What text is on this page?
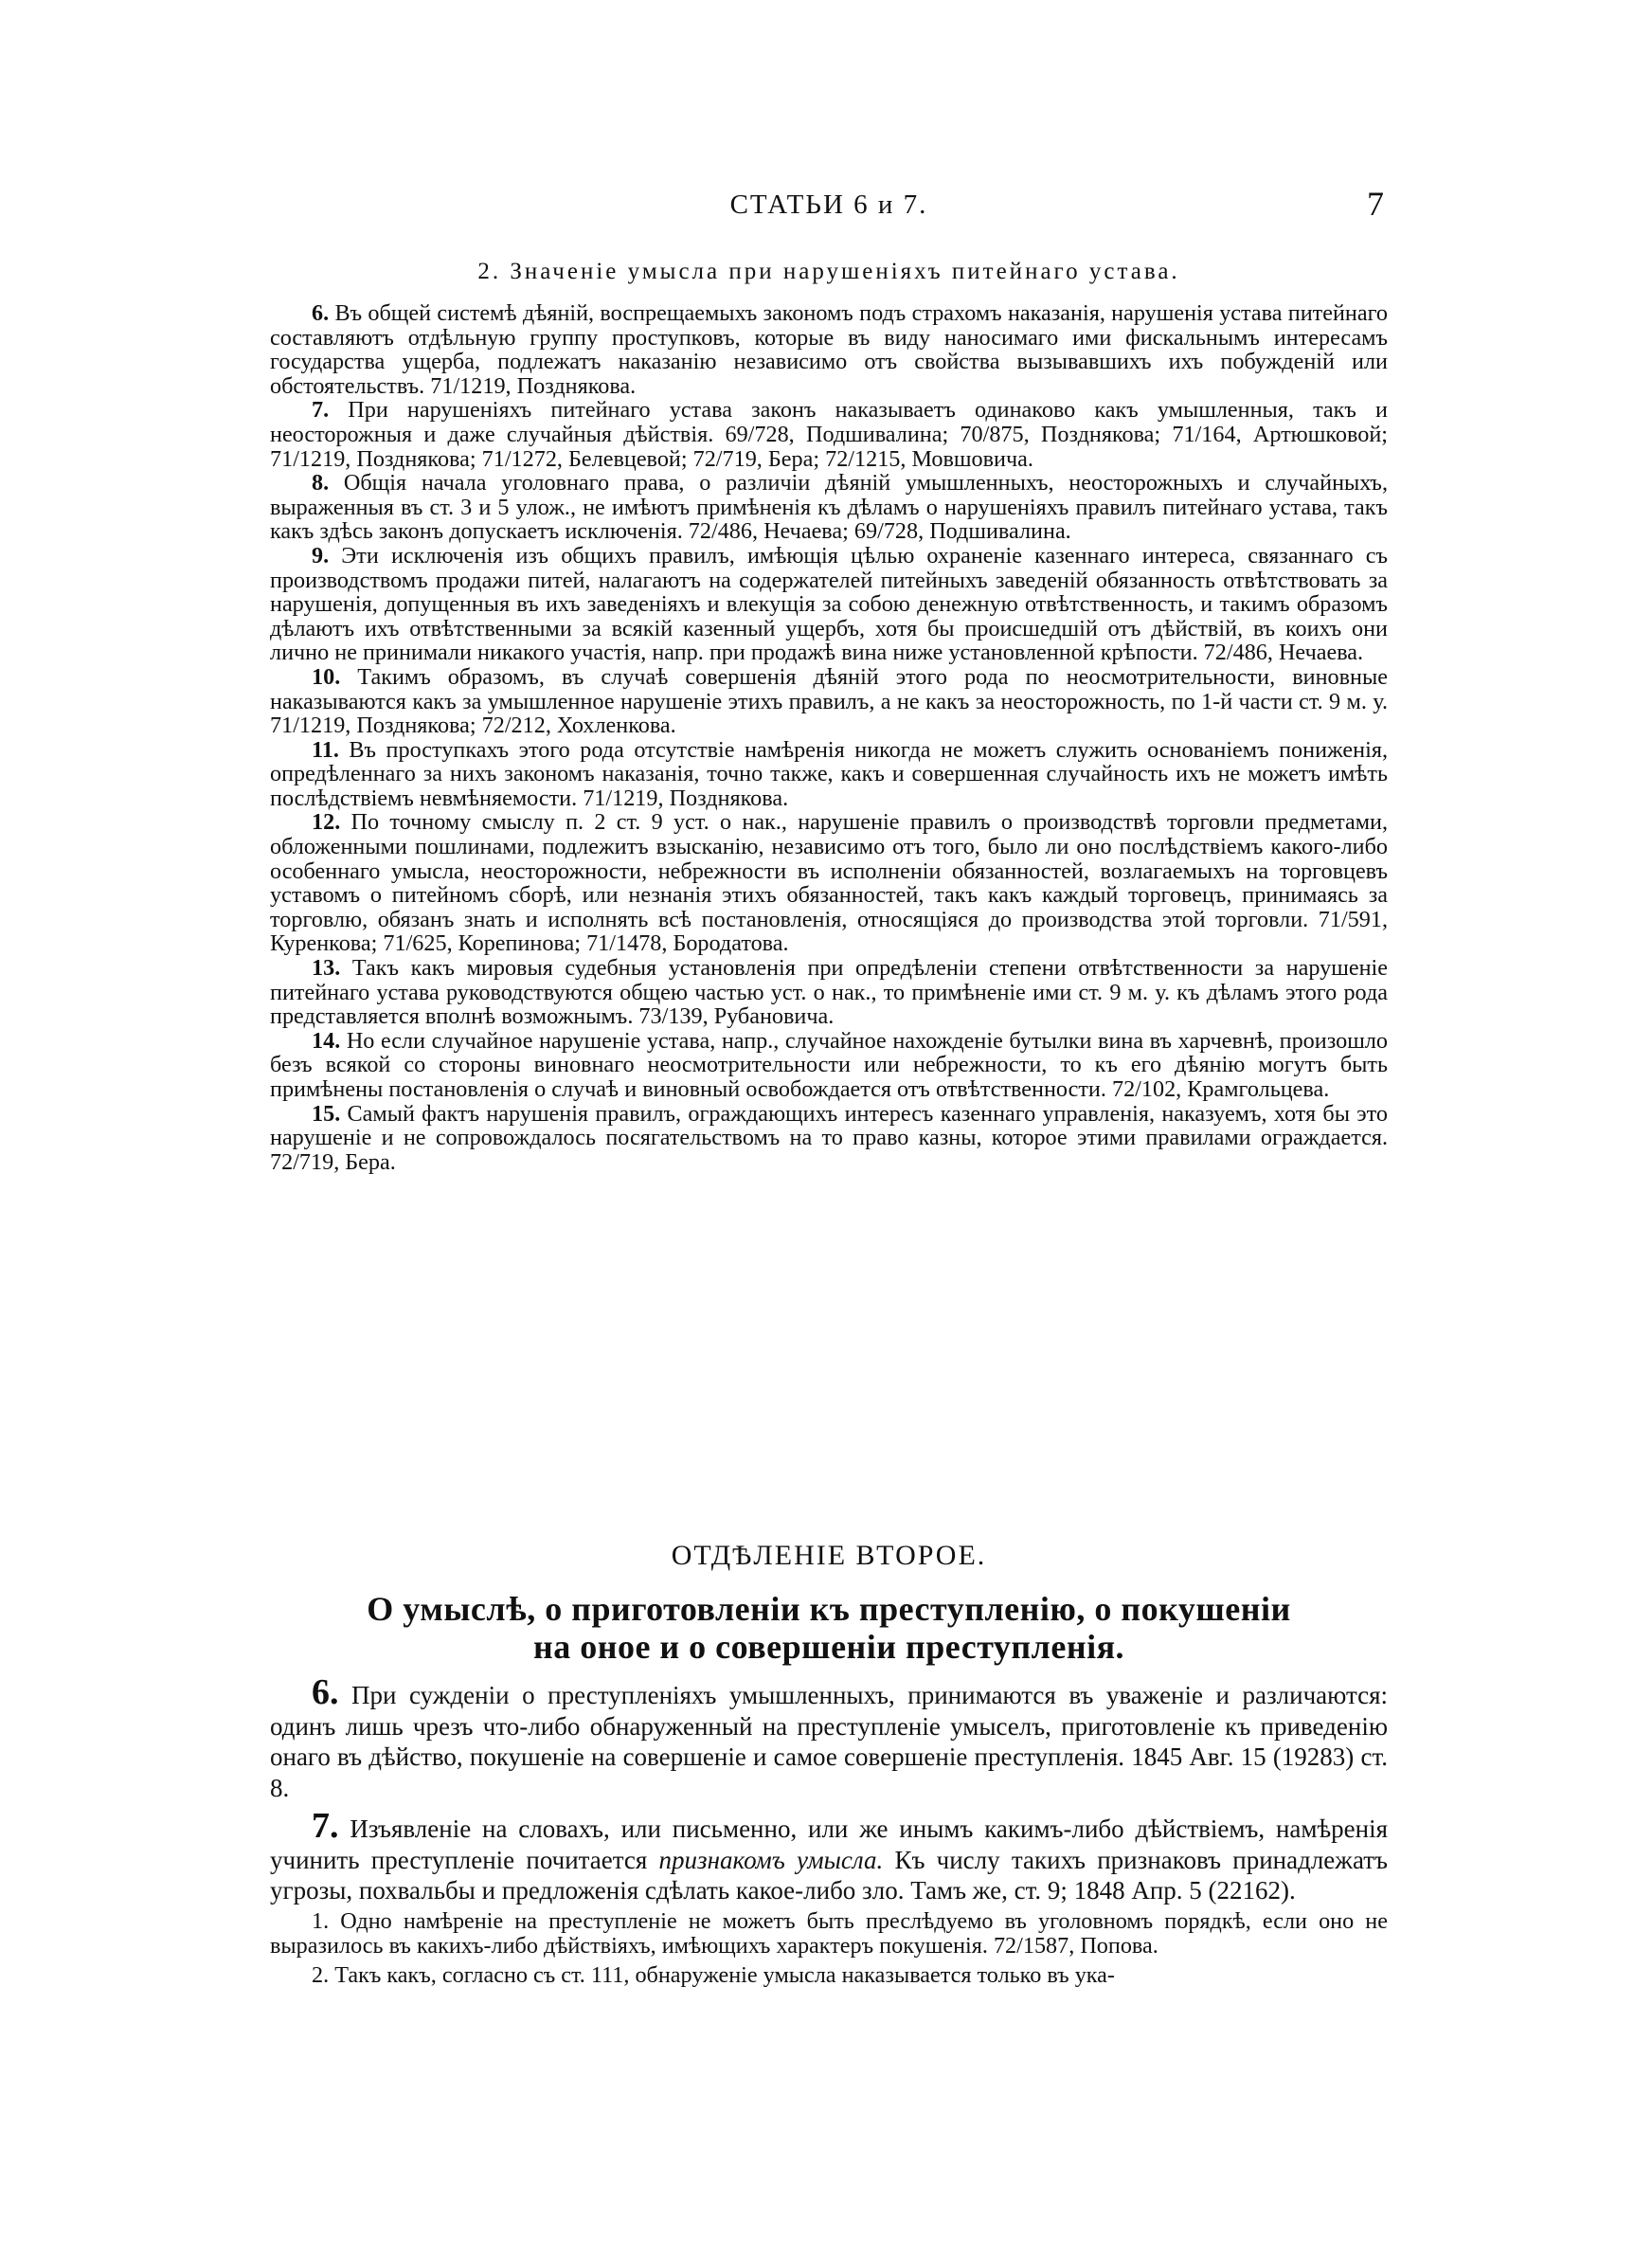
СТАТЬИ 6 и 7.	7
2. Значеніе умысла при нарушеніяхъ питейнаго устава.

6. Въ общей системѣ дѣяній, воспрещаемыхъ закономъ подъ страхомъ наказанія, нарушенія устава питейнаго составляютъ отдѣльную группу проступковъ, которые въ виду наносимаго ими фискальнымъ интересамъ государства ущерба, подлежатъ наказанію независимо отъ свойства вызывавшихъ ихъ побужденій или обстоятельствъ. 71/1219, Позднякова.

7. При нарушеніяхъ питейнаго устава законъ наказываетъ одинаково какъ умышленныя, такъ и неосторожныя и даже случайныя дѣйствія. 69/728, Подшивалина; 70/875, Позднякова; 71/164, Артюшковой; 71/1219, Позднякова; 71/1272, Белевцевой; 72/719, Бера; 72/1215, Мовшовича.

8. Общія начала уголовнаго права, о различіи дѣяній умышленныхъ, неосторожныхъ и случайныхъ, выраженныя въ ст. 3 и 5 улож., не имѣютъ примѣненія къ дѣламъ о нарушеніяхъ правилъ питейнаго устава, такъ какъ здѣсь законъ допускаетъ исключенія. 72/486, Нечаева; 69/728, Подшивалина.

9. Эти исключенія изъ общихъ правилъ, имѣющія цѣлью охраненіе казеннаго интереса, связаннаго съ производствомъ продажи питей, налагаютъ на содержателей питейныхъ заведеній обязанность отвѣтствовать за нарушенія, допущенныя въ ихъ заведеніяхъ и влекущія за собою денежную отвѣтственность, и такимъ образомъ дѣлаютъ ихъ отвѣтственными за всякій казенный ущербъ, хотя бы происшедшій отъ дѣйствій, въ коихъ они лично не принимали никакого участія, напр. при продажѣ вина ниже установленной крѣпости. 72/486, Нечаева.

10. Такимъ образомъ, въ случаѣ совершенія дѣяній этого рода по неосмотрительности, виновные наказываются какъ за умышленное нарушеніе этихъ правилъ, а не какъ за неосторожность, по 1-й части ст. 9 м. у. 71/1219, Позднякова; 72/212, Хохленкова.

11. Въ проступкахъ этого рода отсутствіе намѣренія никогда не можетъ служить основаніемъ пониженія, опредѣленнаго за нихъ закономъ наказанія, точно также, какъ и совершенная случайность ихъ не можетъ имѣть послѣдствіемъ невмѣняемости. 71/1219, Позднякова.

12. По точному смыслу п. 2 ст. 9 уст. о нак., нарушеніе правилъ о производствѣ торговли предметами, обложенными пошлинами, подлежитъ взысканію, независимо отъ того, было ли оно послѣдствіемъ какого-либо особеннаго умысла, неосторожности, небрежности въ исполненіи обязанностей, возлагаемыхъ на торговцевъ уставомъ о питейномъ сборѣ, или незнанія этихъ обязанностей, такъ какъ каждый торговецъ, принимаясь за торговлю, обязанъ знать и исполнять всѣ постановленія, относящіяся до производства этой торговли. 71/591, Куренкова; 71/625, Корепинова; 71/1478, Бородатова.

13. Такъ какъ мировыя судебныя установленія при опредѣленіи степени отвѣтственности за нарушеніе питейнаго устава руководствуются общею частью уст. о нак., то примѣненіе ими ст. 9 м. у. къ дѣламъ этого рода представляется вполнѣ возможнымъ. 73/139, Рубановича.

14. Но если случайное нарушеніе устава, напр., случайное нахожденіе бутылки вина въ харчевнѣ, произошло безъ всякой со стороны виновнаго неосмотрительности или небрежности, то къ его дѣянію могутъ быть примѣнены постановленія о случаѣ и виновный освобождается отъ отвѣтственности. 72/102, Крамгольцева.

15. Самый фактъ нарушенія правилъ, ограждающихъ интересъ казеннаго управленія, наказуемъ, хотя бы это нарушеніе и не сопровождалось посягательствомъ на то право казны, которое этими правилами ограждается. 72/719, Бера.

ОТДѢЛЕНІЕ ВТОРОЕ.
О умыслѣ, о приготовленіи къ преступленію, о покушеніи
на оное и о совершеніи преступленія.

6. При сужденіи о преступленіяхъ умышленныхъ, принимаются въ уваженіе и различаются: одинъ лишь чрезъ что-либо обнаруженный на преступленіе умыселъ, приготовленіе къ приведенію онаго въ дѣйство, покушеніе на совершеніе и самое совершеніе преступленія. 1845 Авг. 15 (19283) ст. 8.

7. Изъявленіе на словахъ, или письменно, или же инымъ какимъ-либо дѣйствіемъ, намѣренія учинить преступленіе почитается признакомъ умысла. Къ числу такихъ признаковъ принадлежатъ угрозы, похвальбы и предложенія сдѣлать какое-либо зло. Тамъ же, ст. 9; 1848 Апр. 5 (22162).

1. Одно намѣреніе на преступленіе не можетъ быть преслѣдуемо въ уголовномъ порядкѣ, если оно не выразилось въ какихъ-либо дѣйствіяхъ, имѣющихъ характеръ покушенія. 72/1587, Попова.

2. Такъ какъ, согласно съ ст. 111, обнаруженіе умысла наказывается только въ ука-
